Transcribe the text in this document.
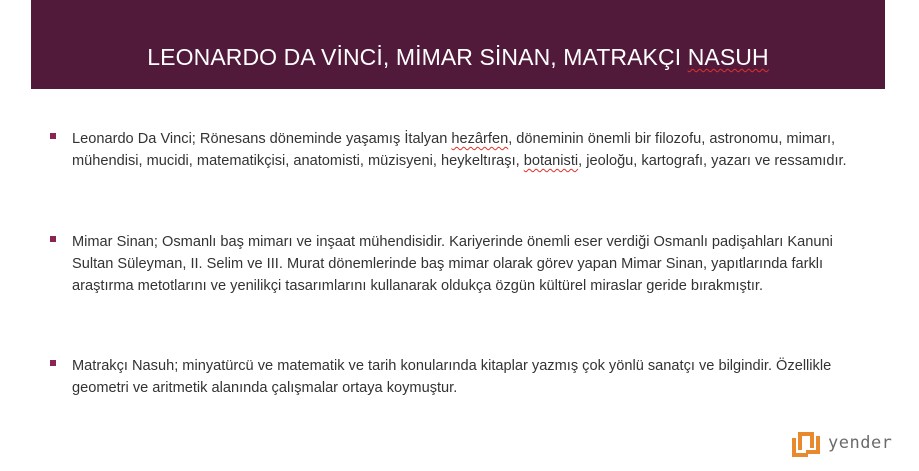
LEONARDO DA VİNCİ, MİMAR SİNAN, MATRAKÇI NASUH
Leonardo Da Vinci; Rönesans döneminde yaşamış İtalyan hezârfen, döneminin önemli bir filozofu, astronomu, mimarı, mühendisi, mucidi, matematikçisi, anatomisti, müzisyeni, heykeltıraşı, botanisti, jeoloğu, kartografı, yazarı ve ressamıdır.
Mimar Sinan; Osmanlı baş mimarı ve inşaat mühendisidir. Kariyerinde önemli eser verdiği Osmanlı padişahları Kanuni Sultan Süleyman, II. Selim ve III. Murat dönemlerinde baş mimar olarak görev yapan Mimar Sinan, yapıtlarında farklı araştırma metotlarını ve yenilikçi tasarımlarını kullanarak oldukça özgün kültürel miraslar geride bırakmıştır.
Matrakçı Nasuh; minyatürcü ve matematik ve tarih konularında kitaplar yazmış çok yönlü sanatçı ve bilgindir. Özellikle geometri ve aritmetik alanında çalışmalar ortaya koymuştur.
yender
